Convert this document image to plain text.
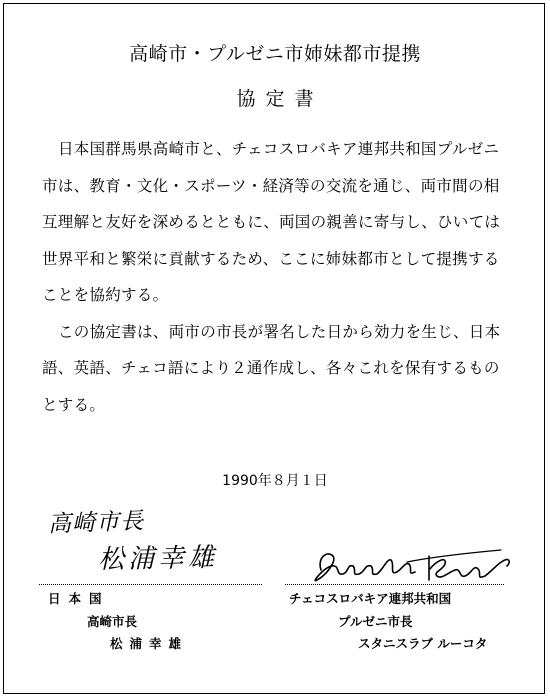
高崎市・プルゼニ市姉妹都市提携
協定書

日本国群馬県高崎市と、チェコスロバキア連邦共和国プルゼニ市は、教育・文化・スポーツ・経済等の交流を通じ、両市間の相互理解と友好を深めるとともに、両国の親善に寄与し、ひいては世界平和と繁栄に貢献するため、ここに姉妹都市として提携することを協約する。

この協定書は、両市の市長が署名した日から効力を生じ、日本語、英語、チェコ語により２通作成し、各々これを保有するものとする。

1990年８月１日
高崎市長
松浦幸雄
日本国
高崎市長
松浦幸雄
チェコスロバキア連邦共和国
プルゼニ市長
スタニスラブ ルーコタ
